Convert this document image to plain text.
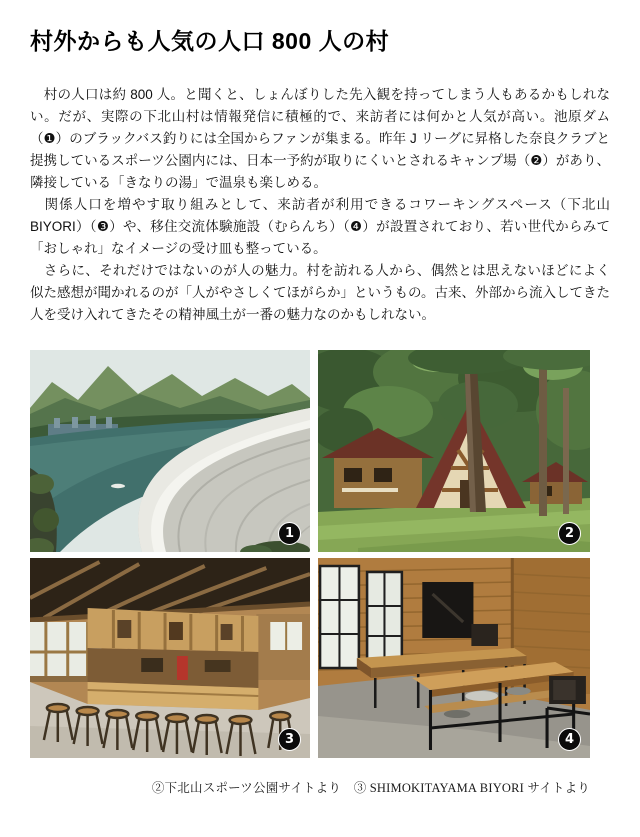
村外からも人気の人口 800 人の村

　村の人口は約 800 人。と聞くと、しょんぼりした先入観を持ってしまう人もあるかもしれない。だが、実際の下北山村は情報発信に積極的で、来訪者には何かと人気が高い。池原ダム（❶）のブラックバス釣りには全国からファンが集まる。昨年 J リーグに昇格した奈良クラブと提携しているスポーツ公園内には、日本一予約が取りにくいとされるキャンプ場（❷）があり、隣接している「きなりの湯」で温泉も楽しめる。

　関係人口を増やす取り組みとして、来訪者が利用できるコワーキングスペース（下北山 BIYORI）（❸）や、移住交流体験施設（むらんち）（❹）が設置されており、若い世代からみて「おしゃれ」なイメージの受け皿も整っている。

　さらに、それだけではないのが人の魅力。村を訪れる人から、偶然とは思えないほどによく似た感想が聞かれるのが「人がやさしくてほがらか」というもの。古来、外部から流入してきた人を受け入れてきたその精神風土が一番の魅力なのかもしれない。

1	2
3	4
②下北山スポーツ公園サイトより　③ SHIMOKITAYAMA BIYORI サイトより
